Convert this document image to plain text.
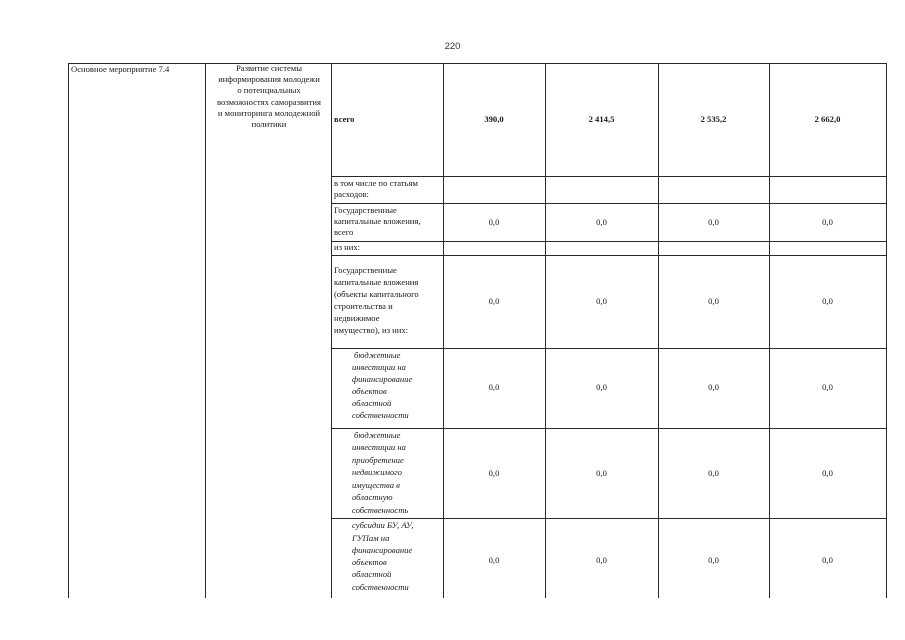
220
Основное мероприятие 7.4	Развитие системы
информирования молодежи
о потенциальных
возможностях саморазвития
и мониторинга молодежной
политики
всего	390,0	2 414,5	2 535,2	2 662,0
в том числе по статьям
расходов:
Государственные
капитальные вложения,
всего
0,0	0,0	0,0	0,0
из них:
Государственные
капитальные вложения
(объекты капитального
строительства и
недвижимое
имущество), из них:
0,0	0,0	0,0	0,0
бюджетные
инвестиции на
финансирование
объектов
областной
собственности
0,0	0,0	0,0	0,0
бюджетные
инвестиции на
приобретение
недвижимого
имущества в
областную
собственность
0,0	0,0	0,0	0,0
субсидии БУ, АУ,
ГУПам на
финансирование
объектов
областной
собственности
0,0	0,0	0,0	0,0
